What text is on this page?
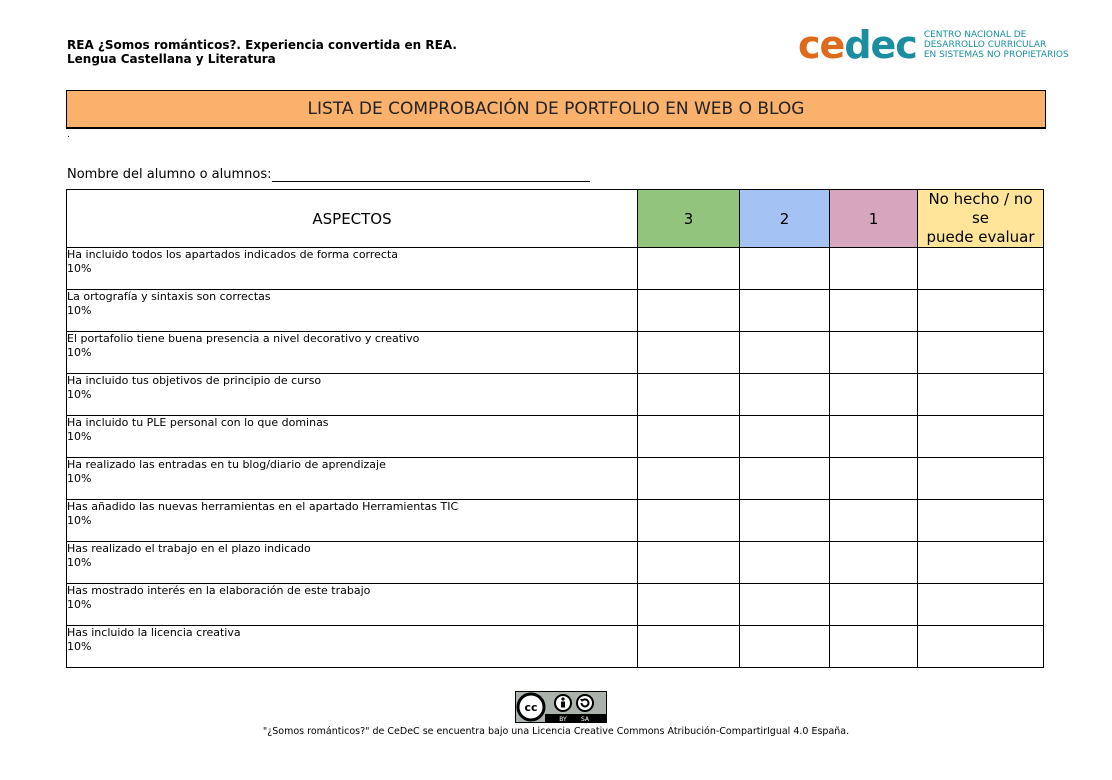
REA ¿Somos románticos?. Experiencia convertida en REA.
Lengua Castellana y Literatura	cedec CENTRO NACIONAL DE
DESARROLLO CURRICULAR
EN SISTEMAS NO PROPIETARIOS
LISTA DE COMPROBACIÓN DE PORTFOLIO EN WEB O BLOG
.
Nombre del alumno o alumnos:
ASPECTOS	3	2	1	No hecho / no se
puede evaluar

Ha incluido todos los apartados indicados de forma correcta
10%				

La ortografía y sintaxis son correctas
10%				

El portafolio tiene buena presencia a nivel decorativo y creativo
10%				

Ha incluido tus objetivos de principio de curso
10%				

Ha incluido tu PLE personal con lo que dominas
10%				

Ha realizado las entradas en tu blog/diario de aprendizaje
10%				

Has añadido las nuevas herramientas en el apartado Herramientas TIC
10%				

Has realizado el trabajo en el plazo indicado
10%				

Has mostrado interés en la elaboración de este trabajo
10%				

Has incluido la licencia creativa
10%				

cc
BY SA
"¿Somos románticos?" de CeDeC se encuentra bajo una Licencia Creative Commons Atribución-CompartirIgual 4.0 España.
